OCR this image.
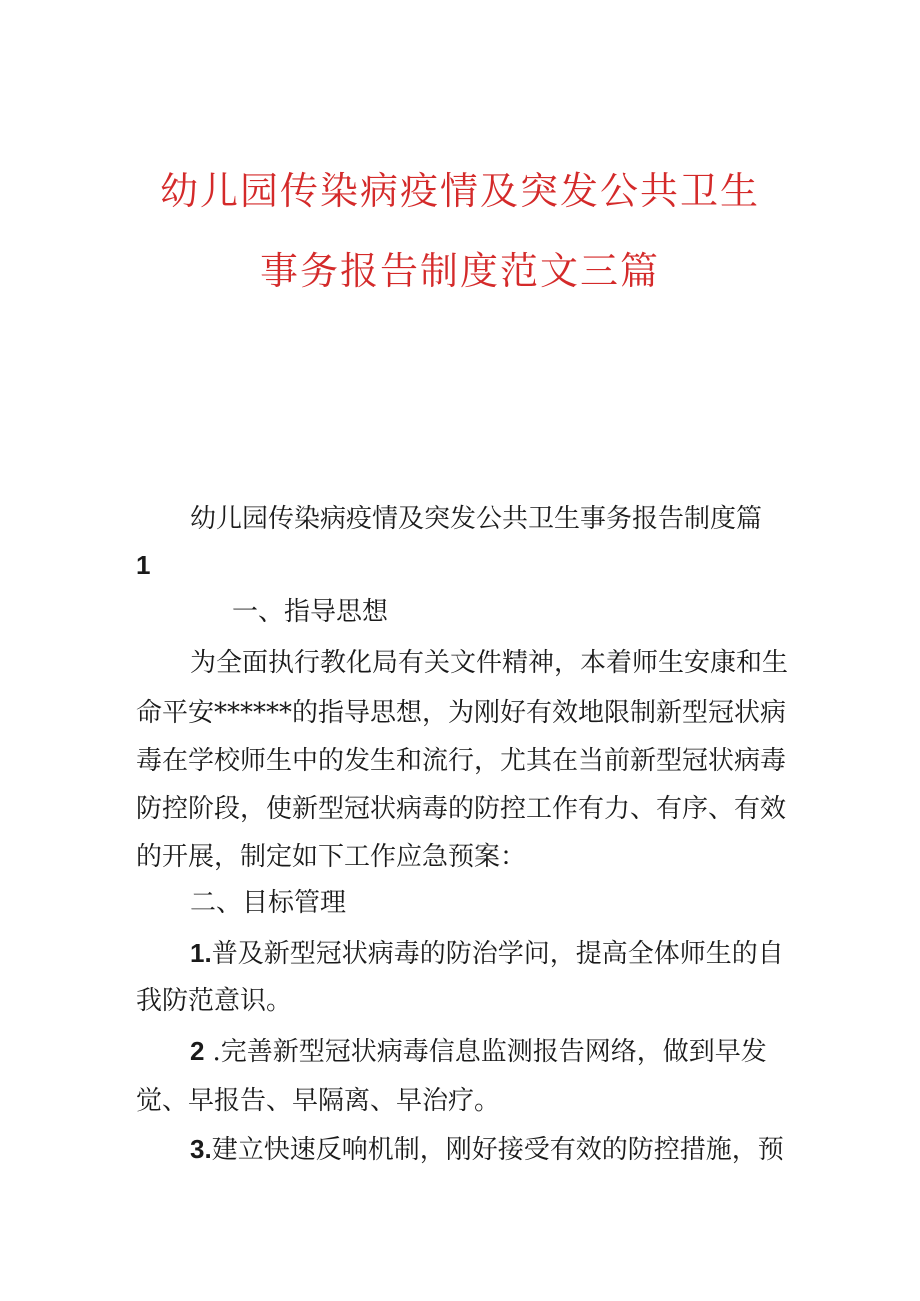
幼儿园传染病疫情及突发公共卫生
事务报告制度范文三篇
幼儿园传染病疫情及突发公共卫生事务报告制度篇
1
一、指导思想
为全面执行教化局有关文件精神，本着师生安康和生
命平安******的指导思想，为刚好有效地限制新型冠状病
毒在学校师生中的发生和流行，尤其在当前新型冠状病毒
防控阶段，使新型冠状病毒的防控工作有力、有序、有效
的开展，制定如下工作应急预案：
二、目标管理
1.普及新型冠状病毒的防治学问，提高全体师生的自
我防范意识。
2 .完善新型冠状病毒信息监测报告网络，做到早发
觉、早报告、早隔离、早治疗。
3.建立快速反响机制，刚好接受有效的防控措施，预
